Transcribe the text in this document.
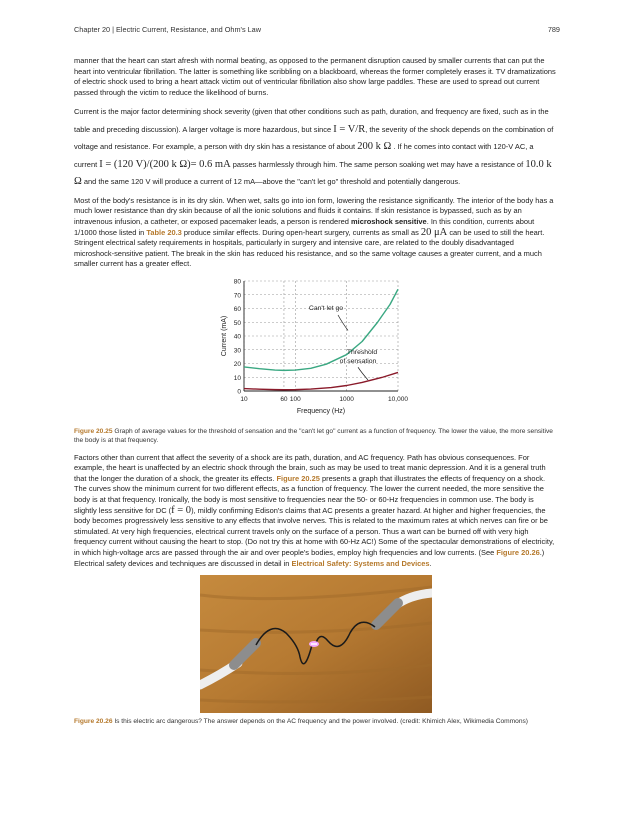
Chapter 20 | Electric Current, Resistance, and Ohm's Law	789

manner that the heart can start afresh with normal beating, as opposed to the permanent disruption caused by smaller currents that can put the heart into ventricular fibrillation. The latter is something like scribbling on a blackboard, whereas the former completely erases it. TV dramatizations of electric shock used to bring a heart attack victim out of ventricular fibrillation also show large paddles. These are used to spread out current passed through the victim to reduce the likelihood of burns.

Current is the major factor determining shock severity (given that other conditions such as path, duration, and frequency are fixed, such as in the table and preceding discussion). A larger voltage is more hazardous, but since I = V/R, the severity of the shock depends on the combination of voltage and resistance. For example, a person with dry skin has a resistance of about 200 k Ω . If he comes into contact with 120-V AC, a current I = (120 V)/(200 k Ω)= 0.6 mA passes harmlessly through him. The same person soaking wet may have a resistance of 10.0 k Ω and the same 120 V will produce a current of 12 mA—above the "can't let go" threshold and potentially dangerous.

Most of the body's resistance is in its dry skin. When wet, salts go into ion form, lowering the resistance significantly. The interior of the body has a much lower resistance than dry skin because of all the ionic solutions and fluids it contains. If skin resistance is bypassed, such as by an intravenous infusion, a catheter, or exposed pacemaker leads, a person is rendered microshock sensitive. In this condition, currents about 1/1000 those listed in Table 20.3 produce similar effects. During open-heart surgery, currents as small as 20 μA can be used to still the heart. Stringent electrical safety requirements in hospitals, particularly in surgery and intensive care, are related to the doubly disadvantaged microshock-sensitive patient. The break in the skin has reduced his resistance, and so the same voltage causes a greater current, and a much smaller current has a greater effect.

0
10
20
30
40
50
60
70
80
10	60 100	1000	10,000
Frequency (Hz)
Current (mA)
Can't let go
Threshold
of sensation

Figure 20.25 Graph of average values for the threshold of sensation and the "can't let go" current as a function of frequency. The lower the value, the more sensitive the body is at that frequency.

Factors other than current that affect the severity of a shock are its path, duration, and AC frequency. Path has obvious consequences. For example, the heart is unaffected by an electric shock through the brain, such as may be used to treat manic depression. And it is a general truth that the longer the duration of a shock, the greater its effects. Figure 20.25 presents a graph that illustrates the effects of frequency on a shock. The curves show the minimum current for two different effects, as a function of frequency. The lower the current needed, the more sensitive the body is at that frequency. Ironically, the body is most sensitive to frequencies near the 50- or 60-Hz frequencies in common use. The body is slightly less sensitive for DC (f = 0), mildly confirming Edison's claims that AC presents a greater hazard. At higher and higher frequencies, the body becomes progressively less sensitive to any effects that involve nerves. This is related to the maximum rates at which nerves can fire or be stimulated. At very high frequencies, electrical current travels only on the surface of a person. Thus a wart can be burned off with very high frequency current without causing the heart to stop. (Do not try this at home with 60-Hz AC!) Some of the spectacular demonstrations of electricity, in which high-voltage arcs are passed through the air and over people's bodies, employ high frequencies and low currents. (See Figure 20.26.) Electrical safety devices and techniques are discussed in detail in Electrical Safety: Systems and Devices.

Figure 20.26 Is this electric arc dangerous? The answer depends on the AC frequency and the power involved. (credit: Khimich Alex, Wikimedia Commons)
